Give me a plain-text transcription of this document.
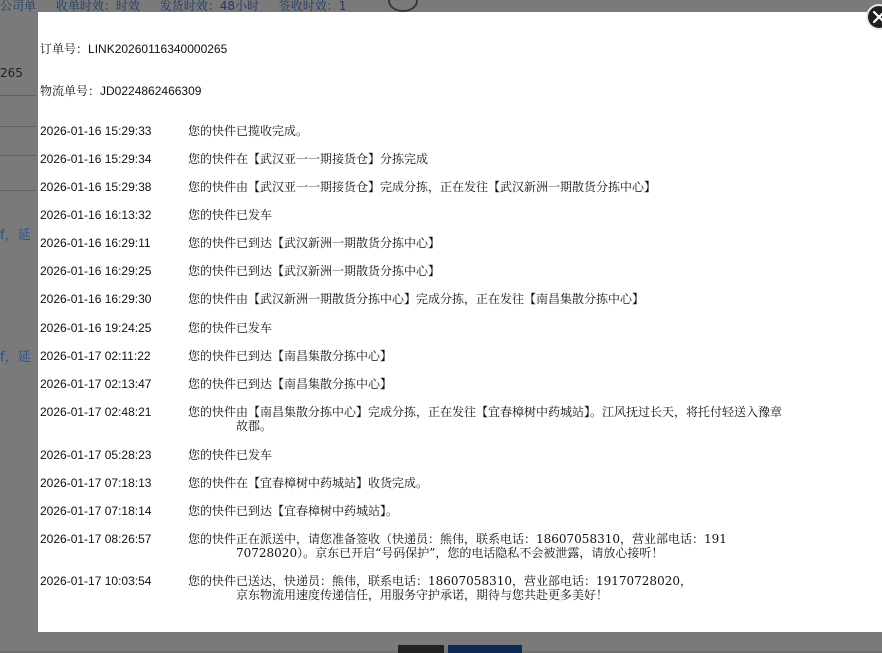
公司单 收单时效：时效 发货时效：48小时 签收时效：1
265
f，延
f，延
订单号：LINK20260116340000265
物流单号：JD0224862466309
2026-01-16 15:29:33	您的快件已揽收完成。
2026-01-16 15:29:34	您的快件在【武汉亚一一期接货仓】分拣完成
2026-01-16 15:29:38	您的快件由【武汉亚一一期接货仓】完成分拣，正在发往【武汉新洲一期散货分拣中心】
2026-01-16 16:13:32	您的快件已发车
2026-01-16 16:29:11	您的快件已到达【武汉新洲一期散货分拣中心】
2026-01-16 16:29:25	您的快件已到达【武汉新洲一期散货分拣中心】
2026-01-16 16:29:30	您的快件由【武汉新洲一期散货分拣中心】完成分拣，正在发往【南昌集散分拣中心】
2026-01-16 19:24:25	您的快件已发车
2026-01-17 02:11:22	您的快件已到达【南昌集散分拣中心】
2026-01-17 02:13:47	您的快件已到达【南昌集散分拣中心】
2026-01-17 02:48:21	您的快件由【南昌集散分拣中心】完成分拣，正在发往【宜春樟树中药城站】。江风抚过长天，将托付轻送入豫章
故郡。
2026-01-17 05:28:23	您的快件已发车
2026-01-17 07:18:13	您的快件在【宜春樟树中药城站】收货完成。
2026-01-17 07:18:14	您的快件已到达【宜春樟树中药城站】。
2026-01-17 08:26:57	您的快件正在派送中，请您准备签收（快递员：熊伟，联系电话：18607058310，营业部电话：191
70728020）。京东已开启“号码保护”，您的电话隐私不会被泄露，请放心接听！
2026-01-17 10:03:54	您的快件已送达，快递员：熊伟，联系电话：18607058310，营业部电话：19170728020，
京东物流用速度传递信任，用服务守护承诺，期待与您共赴更多美好！
